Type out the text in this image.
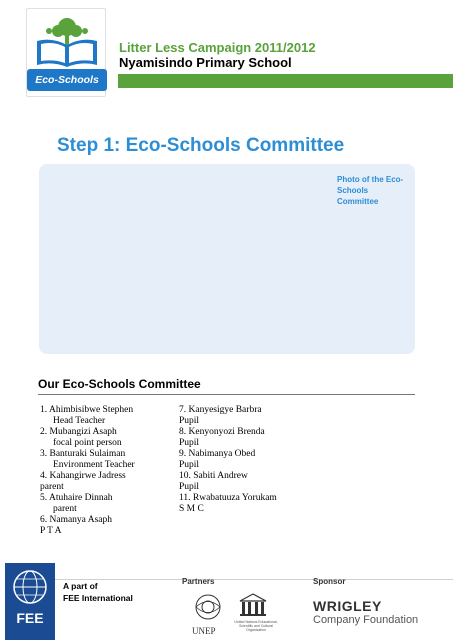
Eco-Schools
Litter Less Campaign 2011/2012
Nyamisindo Primary School
Step 1: Eco-Schools Committee
Photo of the Eco-Schools Committee
Our Eco-Schools Committee
1. Ahimbisibwe Stephen
Head Teacher
2. Mubangizi Asaph
focal point person
3. Banturaki Sulaiman
Environment Teacher
4. Kahangirwe Jadress
parent
5. Atuhaire Dinnah
parent
6. Namanya Asaph
P T A
7. Kanyesigye Barbra
Pupil
8. Kenyonyozi Brenda
Pupil
9. Nabimanya Obed
Pupil
10. Sabiti Andrew
Pupil
11. Rwabatuuza Yorukam
S M C
FEE
A part of
FEE International
Partners	Sponsor
UNEP
United Nations Educational, Scientific and Cultural Organization
WRIGLEY
Company Foundation
